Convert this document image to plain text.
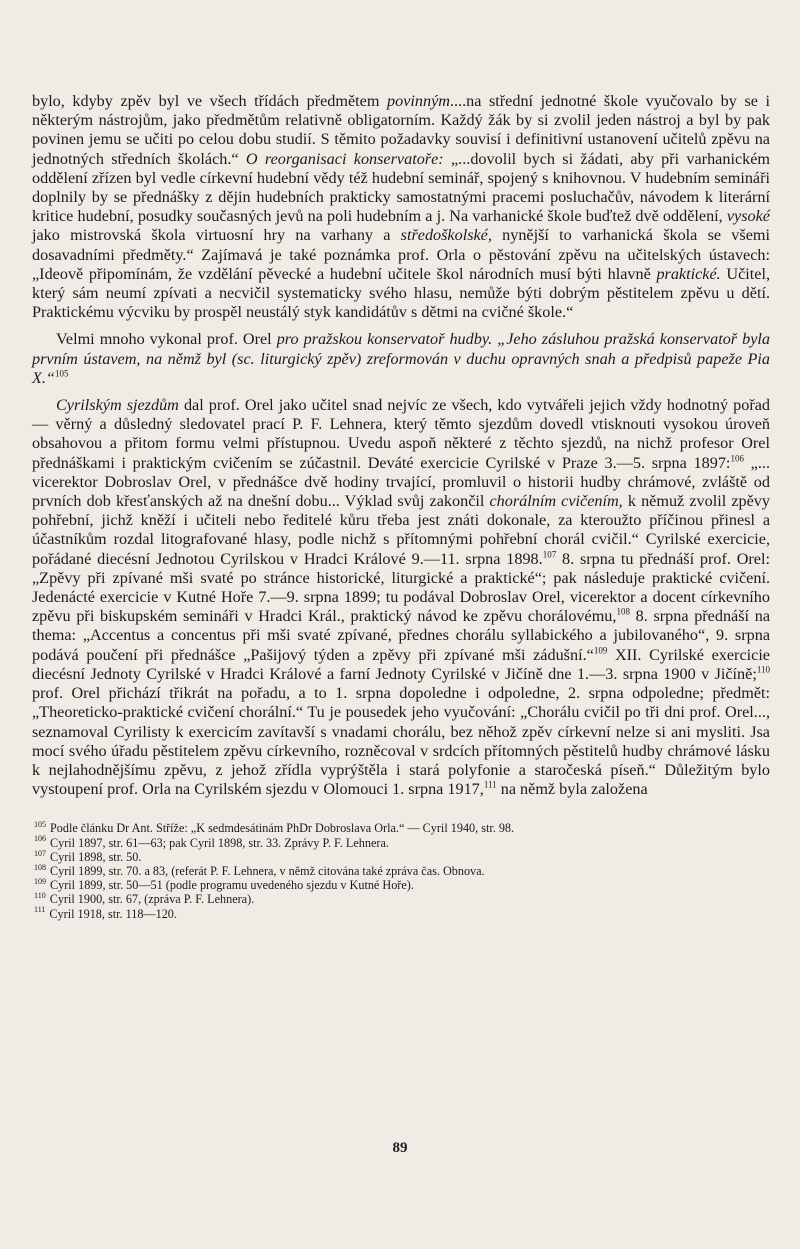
bylo, kdyby zpěv byl ve všech třídách předmětem povinným....na střední jednotné škole vyučovalo by se i některým nástrojům, jako předmětům relativně obligatorním. Každý žák by si zvolil jeden nástroj a byl by pak povinen jemu se učiti po celou dobu studií. S těmito požadavky souvisí i definitivní ustanovení učitelů zpěvu na jednotných středních školách.“ O reorganisaci konservatoře: „...dovolil bych si žádati, aby při varhanickém oddělení zřízen byl vedle církevní hudební vědy též hudební seminář, spojený s knihovnou. V hudebním semináři doplnily by se přednášky z dějin hudebních prakticky samostatnými pracemi posluchačův, návodem k literární kritice hudební, posudky současných jevů na poli hudebním a j. Na varhanické škole buďtež dvě oddělení, vysoké jako mistrovská škola virtuosní hry na varhany a středoškolské, nynější to varhanická škola se všemi dosavadními předměty.“ Zajímavá je také poznámka prof. Orla o pěstování zpěvu na učitelských ústavech: „Ideově připomínám, že vzdělání pěvecké a hudební učitele škol národních musí býti hlavně praktické. Učitel, který sám neumí zpívati a necvičil systematicky svého hlasu, nemůže býti dobrým pěstitelem zpěvu u dětí. Praktickému výcviku by prospěl neustálý styk kandidátův s dětmi na cvičné škole.“

Velmi mnoho vykonal prof. Orel pro pražskou konservatoř hudby. „Jeho zásluhou pražská konservatoř byla prvním ústavem, na němž byl (sc. liturgický zpěv) zreformován v duchu opravných snah a předpisů papeže Pia X.“$^{105}$

Cyrilským sjezdům dal prof. Orel jako učitel snad nejvíc ze všech, kdo vytvářeli jejich vždy hodnotný pořad — věrný a důsledný sledovatel prací P. F. Lehnera, který těmto sjezdům dovedl vtisknouti vysokou úroveň obsahovou a přitom formu velmi přístupnou. Uvedu aspoň některé z těchto sjezdů, na nichž profesor Orel přednáškami i praktickým cvičením se zúčastnil. Deváté exercicie Cyrilské v Praze 3.—5. srpna 1897:$^{106}$ „... vicerektor Dobroslav Orel, v přednášce dvě hodiny trvající, promluvil o historii hudby chrámové, zvláště od prvních dob křesťanských až na dnešní dobu... Výklad svůj zakončil chorálním cvičením, k němuž zvolil zpěvy pohřební, jichž kněží i učiteli nebo ředitelé kůru třeba jest znáti dokonale, za kteroužto příčinou přinesl a účastníkům rozdal litografované hlasy, podle nichž s přítomnými pohřební chorál cvičil.“ Cyrilské exercicie, pořádané diecésní Jednotou Cyrilskou v Hradci Králové 9.—11. srpna 1898.$^{107}$ 8. srpna tu přednáší prof. Orel: „Zpěvy při zpívané mši svaté po stránce historické, liturgické a praktické“; pak následuje praktické cvičení. Jedenácté exercicie v Kutné Hoře 7.—9. srpna 1899; tu podával Dobroslav Orel, vicerektor a docent církevního zpěvu při biskupském semináři v Hradci Král., praktický návod ke zpěvu chorálovému,$^{108}$ 8. srpna přednáší na thema: „Accentus a concentus při mši svaté zpívané, přednes chorálu syllabického a jubilovaného“, 9. srpna podává poučení při přednášce „Pašijový týden a zpěvy při zpívané mši zádušní.“$^{109}$ XII. Cyrilské exercicie diecésní Jednoty Cyrilské v Hradci Králové a farní Jednoty Cyrilské v Jičíně dne 1.—3. srpna 1900 v Jičíně;$^{110}$ prof. Orel přichází třikrát na pořadu, a to 1. srpna dopoledne i odpoledne, 2. srpna odpoledne; předmět: „Theoreticko-praktické cvičení chorální.“ Tu je pousedek jeho vyučování: „Chorálu cvičil po tři dni prof. Orel..., seznamoval Cyrilisty k exercicím zavítavší s vnadami chorálu, bez něhož zpěv církevní nelze si ani mysliti. Jsa mocí svého úřadu pěstitelem zpěvu církevního, rozněcoval v srdcích přítomných pěstitelů hudby chrámové lásku k nejlahodnějšímu zpěvu, z jehož zřídla vyprýštěla i stará polyfonie a staročeská píseň.“ Důležitým bylo vystoupení prof. Orla na Cyrilském sjezdu v Olomouci 1. srpna 1917,$^{111}$ na němž byla založena

$^{105}$ Podle článku Dr Ant. Stříže: „K sedmdesátinám PhDr Dobroslava Orla.“ — Cyril 1940, str. 98.

$^{106}$ Cyril 1897, str. 61—63; pak Cyril 1898, str. 33. Zprávy P. F. Lehnera.

$^{107}$ Cyril 1898, str. 50.

$^{108}$ Cyril 1899, str. 70. a 83, (referát P. F. Lehnera, v němž citována také zpráva čas. Obnova.

$^{109}$ Cyril 1899, str. 50—51 (podle programu uvedeného sjezdu v Kutné Hoře).

$^{110}$ Cyril 1900, str. 67, (zpráva P. F. Lehnera).

$^{111}$ Cyril 1918, str. 118—120.

89
